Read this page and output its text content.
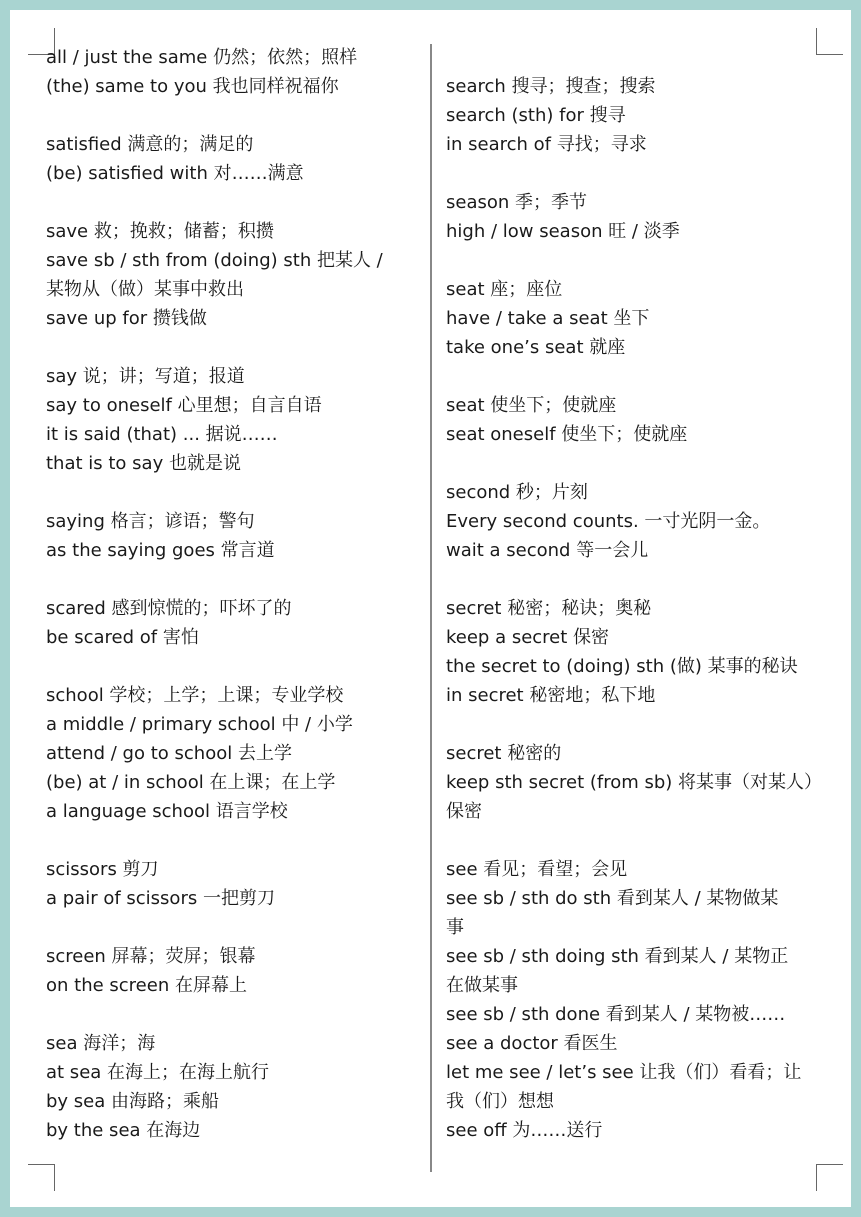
all / just the same 仍然；依然；照样
(the) same to you 我也同样祝福你
satisfied 满意的；满足的
(be) satisfied with 对……满意
save 救；挽救；储蓄；积攒
save sb / sth from (doing) sth 把某人 /
某物从（做）某事中救出
save up for 攒钱做
say 说；讲；写道；报道
say to oneself 心里想；自言自语
it is said (that) ... 据说……
that is to say 也就是说
saying 格言；谚语；警句
as the saying goes 常言道
scared 感到惊慌的；吓坏了的
be scared of 害怕
school 学校；上学；上课；专业学校
a middle / primary school 中 / 小学
attend / go to school 去上学
(be) at / in school 在上课；在上学
a language school 语言学校
scissors 剪刀
a pair of scissors 一把剪刀
screen 屏幕；荧屏；银幕
on the screen 在屏幕上
sea 海洋；海
at sea 在海上；在海上航行
by sea 由海路；乘船
by the sea 在海边
search 搜寻；搜查；搜索
search (sth) for 搜寻
in search of 寻找；寻求
season 季；季节
high / low season 旺 / 淡季
seat 座；座位
have / take a seat 坐下
take one’s seat 就座
seat 使坐下；使就座
seat oneself 使坐下；使就座
second 秒；片刻
Every second counts. 一寸光阴一金。
wait a second 等一会儿
secret 秘密；秘诀；奥秘
keep a secret 保密
the secret to (doing) sth (做) 某事的秘诀
in secret 秘密地；私下地
secret 秘密的
keep sth secret (from sb) 将某事（对某人）
保密
see 看见；看望；会见
see sb / sth do sth 看到某人 / 某物做某
事
see sb / sth doing sth 看到某人 / 某物正
在做某事
see sb / sth done 看到某人 / 某物被……
see a doctor 看医生
let me see / let’s see 让我（们）看看；让
我（们）想想
see off 为……送行
